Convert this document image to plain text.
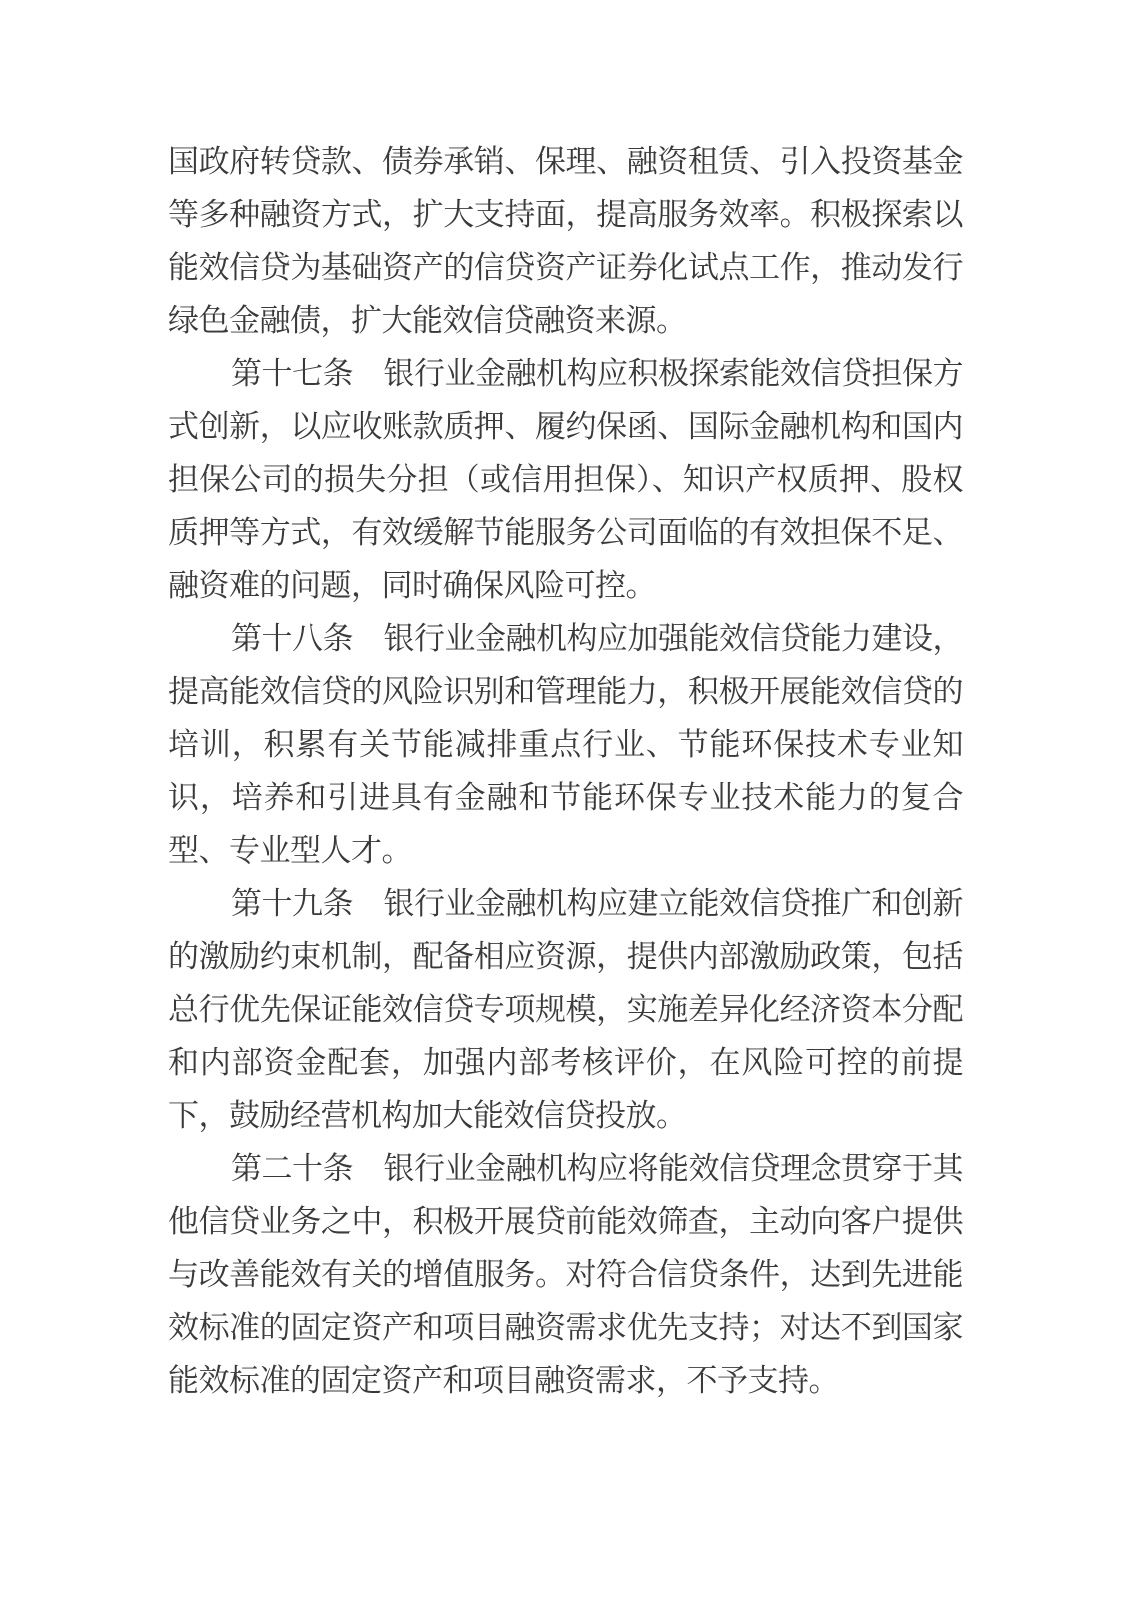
国政府转贷款、债券承销、保理、融资租赁、引入投资基金等多种融资方式，扩大支持面，提高服务效率。积极探索以能效信贷为基础资产的信贷资产证券化试点工作，推动发行绿色金融债，扩大能效信贷融资来源。

第十七条　银行业金融机构应积极探索能效信贷担保方式创新，以应收账款质押、履约保函、国际金融机构和国内担保公司的损失分担（或信用担保）、知识产权质押、股权质押等方式，有效缓解节能服务公司面临的有效担保不足、融资难的问题，同时确保风险可控。

第十八条　银行业金融机构应加强能效信贷能力建设，提高能效信贷的风险识别和管理能力，积极开展能效信贷的培训，积累有关节能减排重点行业、节能环保技术专业知识，培养和引进具有金融和节能环保专业技术能力的复合型、专业型人才。

第十九条　银行业金融机构应建立能效信贷推广和创新的激励约束机制，配备相应资源，提供内部激励政策，包括总行优先保证能效信贷专项规模，实施差异化经济资本分配和内部资金配套，加强内部考核评价，在风险可控的前提下，鼓励经营机构加大能效信贷投放。

第二十条　银行业金融机构应将能效信贷理念贯穿于其他信贷业务之中，积极开展贷前能效筛查，主动向客户提供与改善能效有关的增值服务。对符合信贷条件，达到先进能效标准的固定资产和项目融资需求优先支持；对达不到国家能效标准的固定资产和项目融资需求，不予支持。
